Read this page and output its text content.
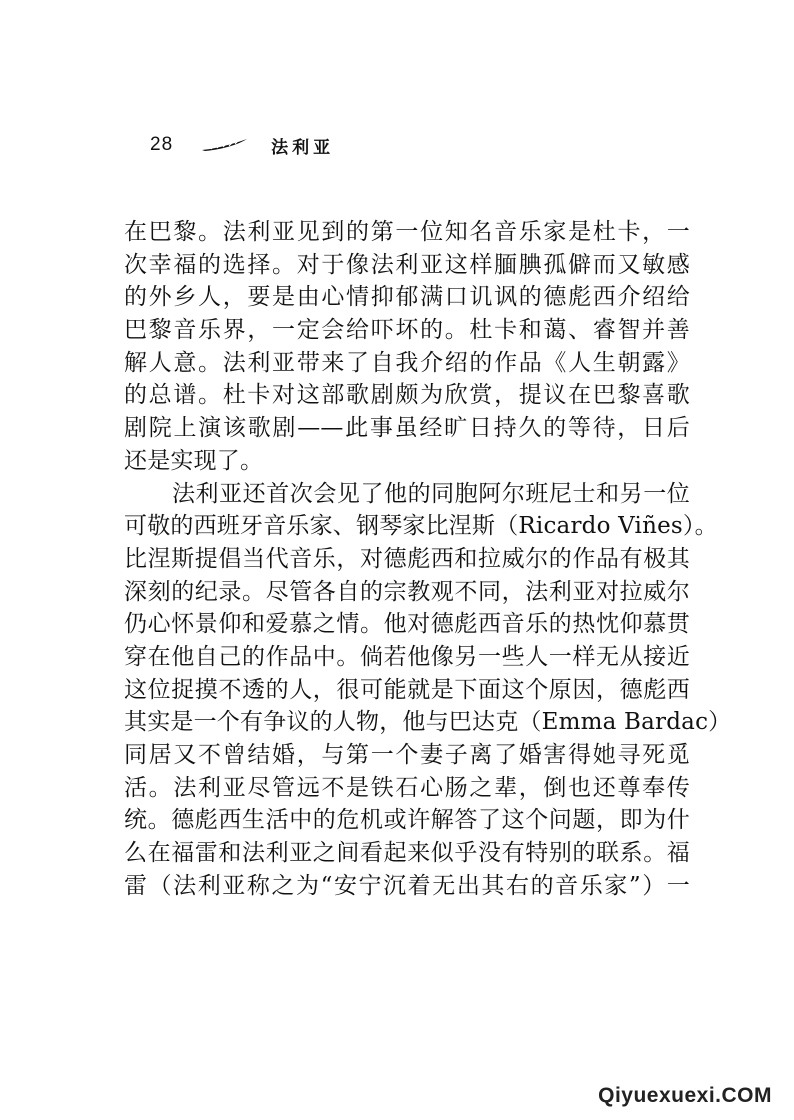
28	法利亚
在巴黎。法利亚见到的第一位知名音乐家是杜卡，一
次幸福的选择。对于像法利亚这样腼腆孤僻而又敏感
的外乡人，要是由心情抑郁满口讥讽的德彪西介绍给
巴黎音乐界，一定会给吓坏的。杜卡和蔼、睿智并善
解人意。法利亚带来了自我介绍的作品《人生朝露》
的总谱。杜卡对这部歌剧颇为欣赏，提议在巴黎喜歌
剧院上演该歌剧——此事虽经旷日持久的等待，日后
还是实现了。
法利亚还首次会见了他的同胞阿尔班尼士和另一位
可敬的西班牙音乐家、钢琴家比涅斯（Ricardo Viñes）。
比涅斯提倡当代音乐，对德彪西和拉威尔的作品有极其
深刻的纪录。尽管各自的宗教观不同，法利亚对拉威尔
仍心怀景仰和爱慕之情。他对德彪西音乐的热忱仰慕贯
穿在他自己的作品中。倘若他像另一些人一样无从接近
这位捉摸不透的人，很可能就是下面这个原因，德彪西
其实是一个有争议的人物，他与巴达克（Emma Bardac）
同居又不曾结婚，与第一个妻子离了婚害得她寻死觅
活。法利亚尽管远不是铁石心肠之辈，倒也还尊奉传
统。德彪西生活中的危机或许解答了这个问题，即为什
么在福雷和法利亚之间看起来似乎没有特别的联系。福
雷（法利亚称之为“安宁沉着无出其右的音乐家”）一
Qiyuexuexi.COM
